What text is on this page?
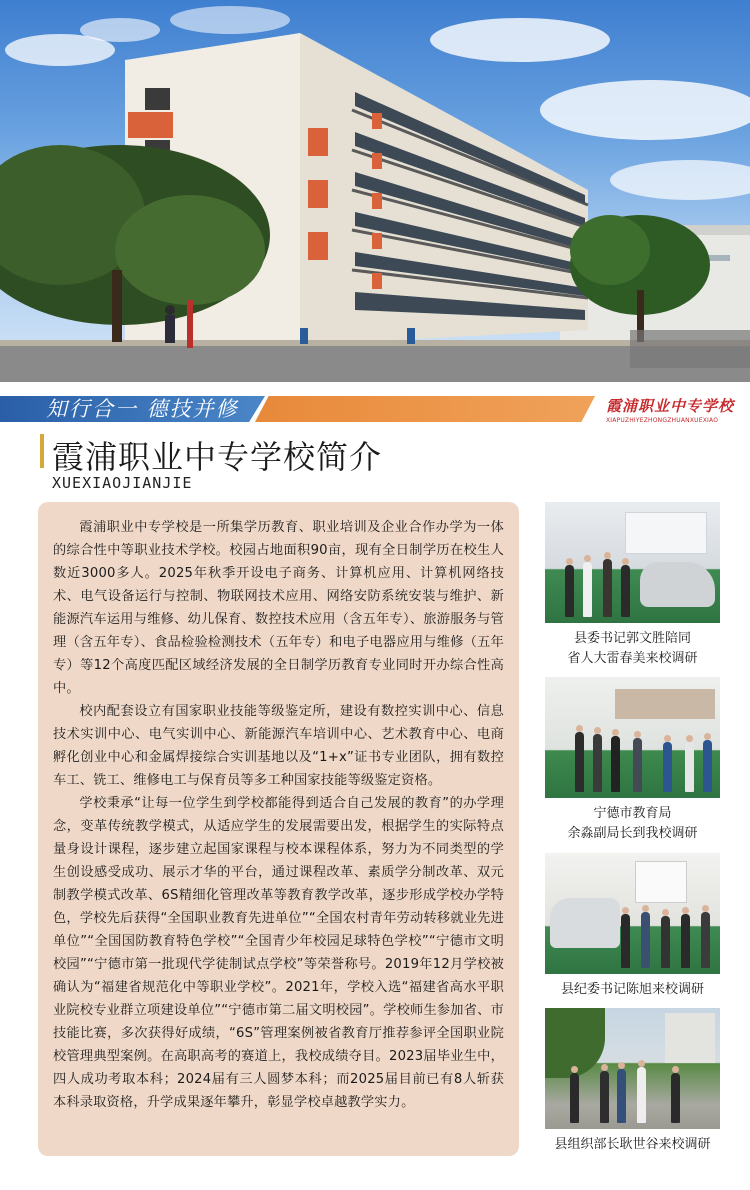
知行合一 德技并修	霞浦职业中专学校
XIAPUZHIYEZHONGZHUANXUEXIAO
霞浦职业中专学校简介
XUEXIAOJIANJIE

霞浦职业中专学校是一所集学历教育、职业培训及企业合作办学为一体的综合性中等职业技术学校。校园占地面积90亩，现有全日制学历在校生人数近3000多人。2025年秋季开设电子商务、计算机应用、计算机网络技术、电气设备运行与控制、物联网技术应用、网络安防系统安装与维护、新能源汽车运用与维修、幼儿保育、数控技术应用（含五年专）、旅游服务与管理（含五年专）、食品检验检测技术（五年专）和电子电器应用与维修（五年专）等12个高度匹配区域经济发展的全日制学历教育专业同时开办综合性高中。

校内配套设立有国家职业技能等级鉴定所，建设有数控实训中心、信息技术实训中心、电气实训中心、新能源汽车培训中心、艺术教育中心、电商孵化创业中心和金属焊接综合实训基地以及“1+x”证书专业团队，拥有数控车工、铣工、维修电工与保育员等多工种国家技能等级鉴定资格。

学校秉承“让每一位学生到学校都能得到适合自己发展的教育”的办学理念，变革传统教学模式，从适应学生的发展需要出发，根据学生的实际特点量身设计课程，逐步建立起国家课程与校本课程体系，努力为不同类型的学生创设感受成功、展示才华的平台，通过课程改革、素质学分制改革、双元制教学模式改革、6S精细化管理改革等教育教学改革，逐步形成学校办学特色，学校先后获得“全国职业教育先进单位”“全国农村青年劳动转移就业先进单位”“全国国防教育特色学校”“全国青少年校园足球特色学校”“宁德市文明校园”“宁德市第一批现代学徒制试点学校”等荣誉称号。2019年12月学校被确认为“福建省规范化中等职业学校”。2021年，学校入选“福建省高水平职业院校专业群立项建设单位”“宁德市第二届文明校园”。学校师生参加省、市技能比赛，多次获得好成绩，“6S”管理案例被省教育厅推荐参评全国职业院校管理典型案例。在高职高考的赛道上，我校成绩夺目。2023届毕业生中，四人成功考取本科；2024届有三人圆梦本科；而2025届目前已有8人斩获本科录取资格，升学成果逐年攀升，彰显学校卓越教学实力。

县委书记郭文胜陪同
省人大雷春美来校调研
宁德市教育局
余淼副局长到我校调研
县纪委书记陈旭来校调研
县组织部长耿世谷来校调研
